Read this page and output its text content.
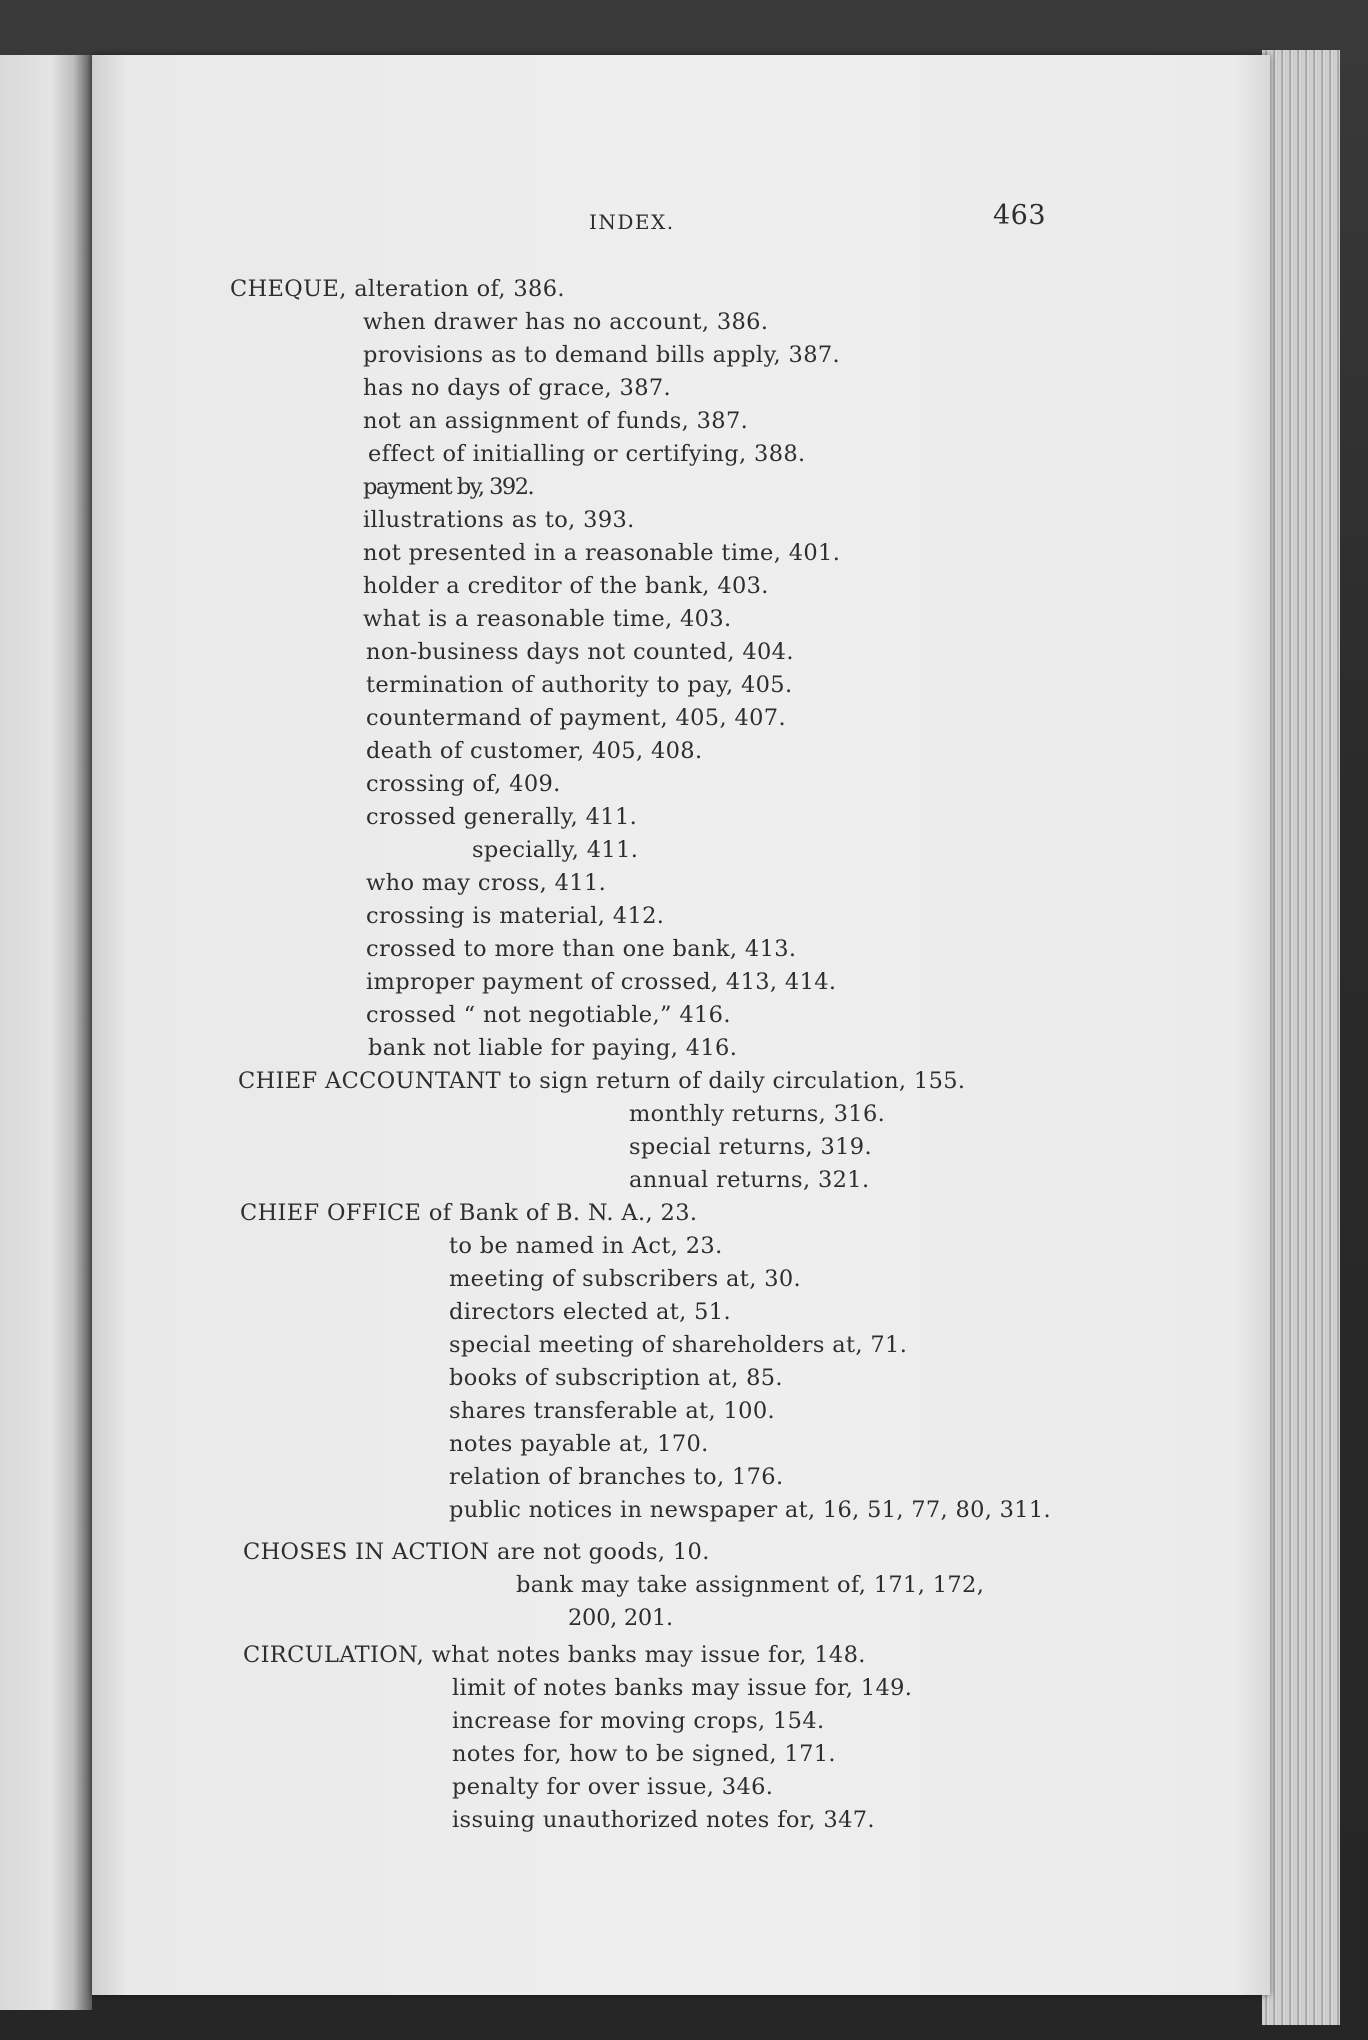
INDEX.	463
CHEQUE, alteration of, 386.
when drawer has no account, 386.
provisions as to demand bills apply, 387.
has no days of grace, 387.
not an assignment of funds, 387.
effect of initialling or certifying, 388.
payment by, 392.
illustrations as to, 393.
not presented in a reasonable time, 401.
holder a creditor of the bank, 403.
what is a reasonable time, 403.
non-business days not counted, 404.
termination of authority to pay, 405.
countermand of payment, 405, 407.
death of customer, 405, 408.
crossing of, 409.
crossed generally, 411.
specially, 411.
who may cross, 411.
crossing is material, 412.
crossed to more than one bank, 413.
improper payment of crossed, 413, 414.
crossed “ not negotiable,” 416.
bank not liable for paying, 416.
CHIEF ACCOUNTANT to sign return of daily circulation, 155.
monthly returns, 316.
special returns, 319.
annual returns, 321.
CHIEF OFFICE of Bank of B. N. A., 23.
to be named in Act, 23.
meeting of subscribers at, 30.
directors elected at, 51.
special meeting of shareholders at, 71.
books of subscription at, 85.
shares transferable at, 100.
notes payable at, 170.
relation of branches to, 176.
public notices in newspaper at, 16, 51, 77, 80, 311.
CHOSES IN ACTION are not goods, 10.
bank may take assignment of, 171, 172,
200, 201.
CIRCULATION, what notes banks may issue for, 148.
limit of notes banks may issue for, 149.
increase for moving crops, 154.
notes for, how to be signed, 171.
penalty for over issue, 346.
issuing unauthorized notes for, 347.
